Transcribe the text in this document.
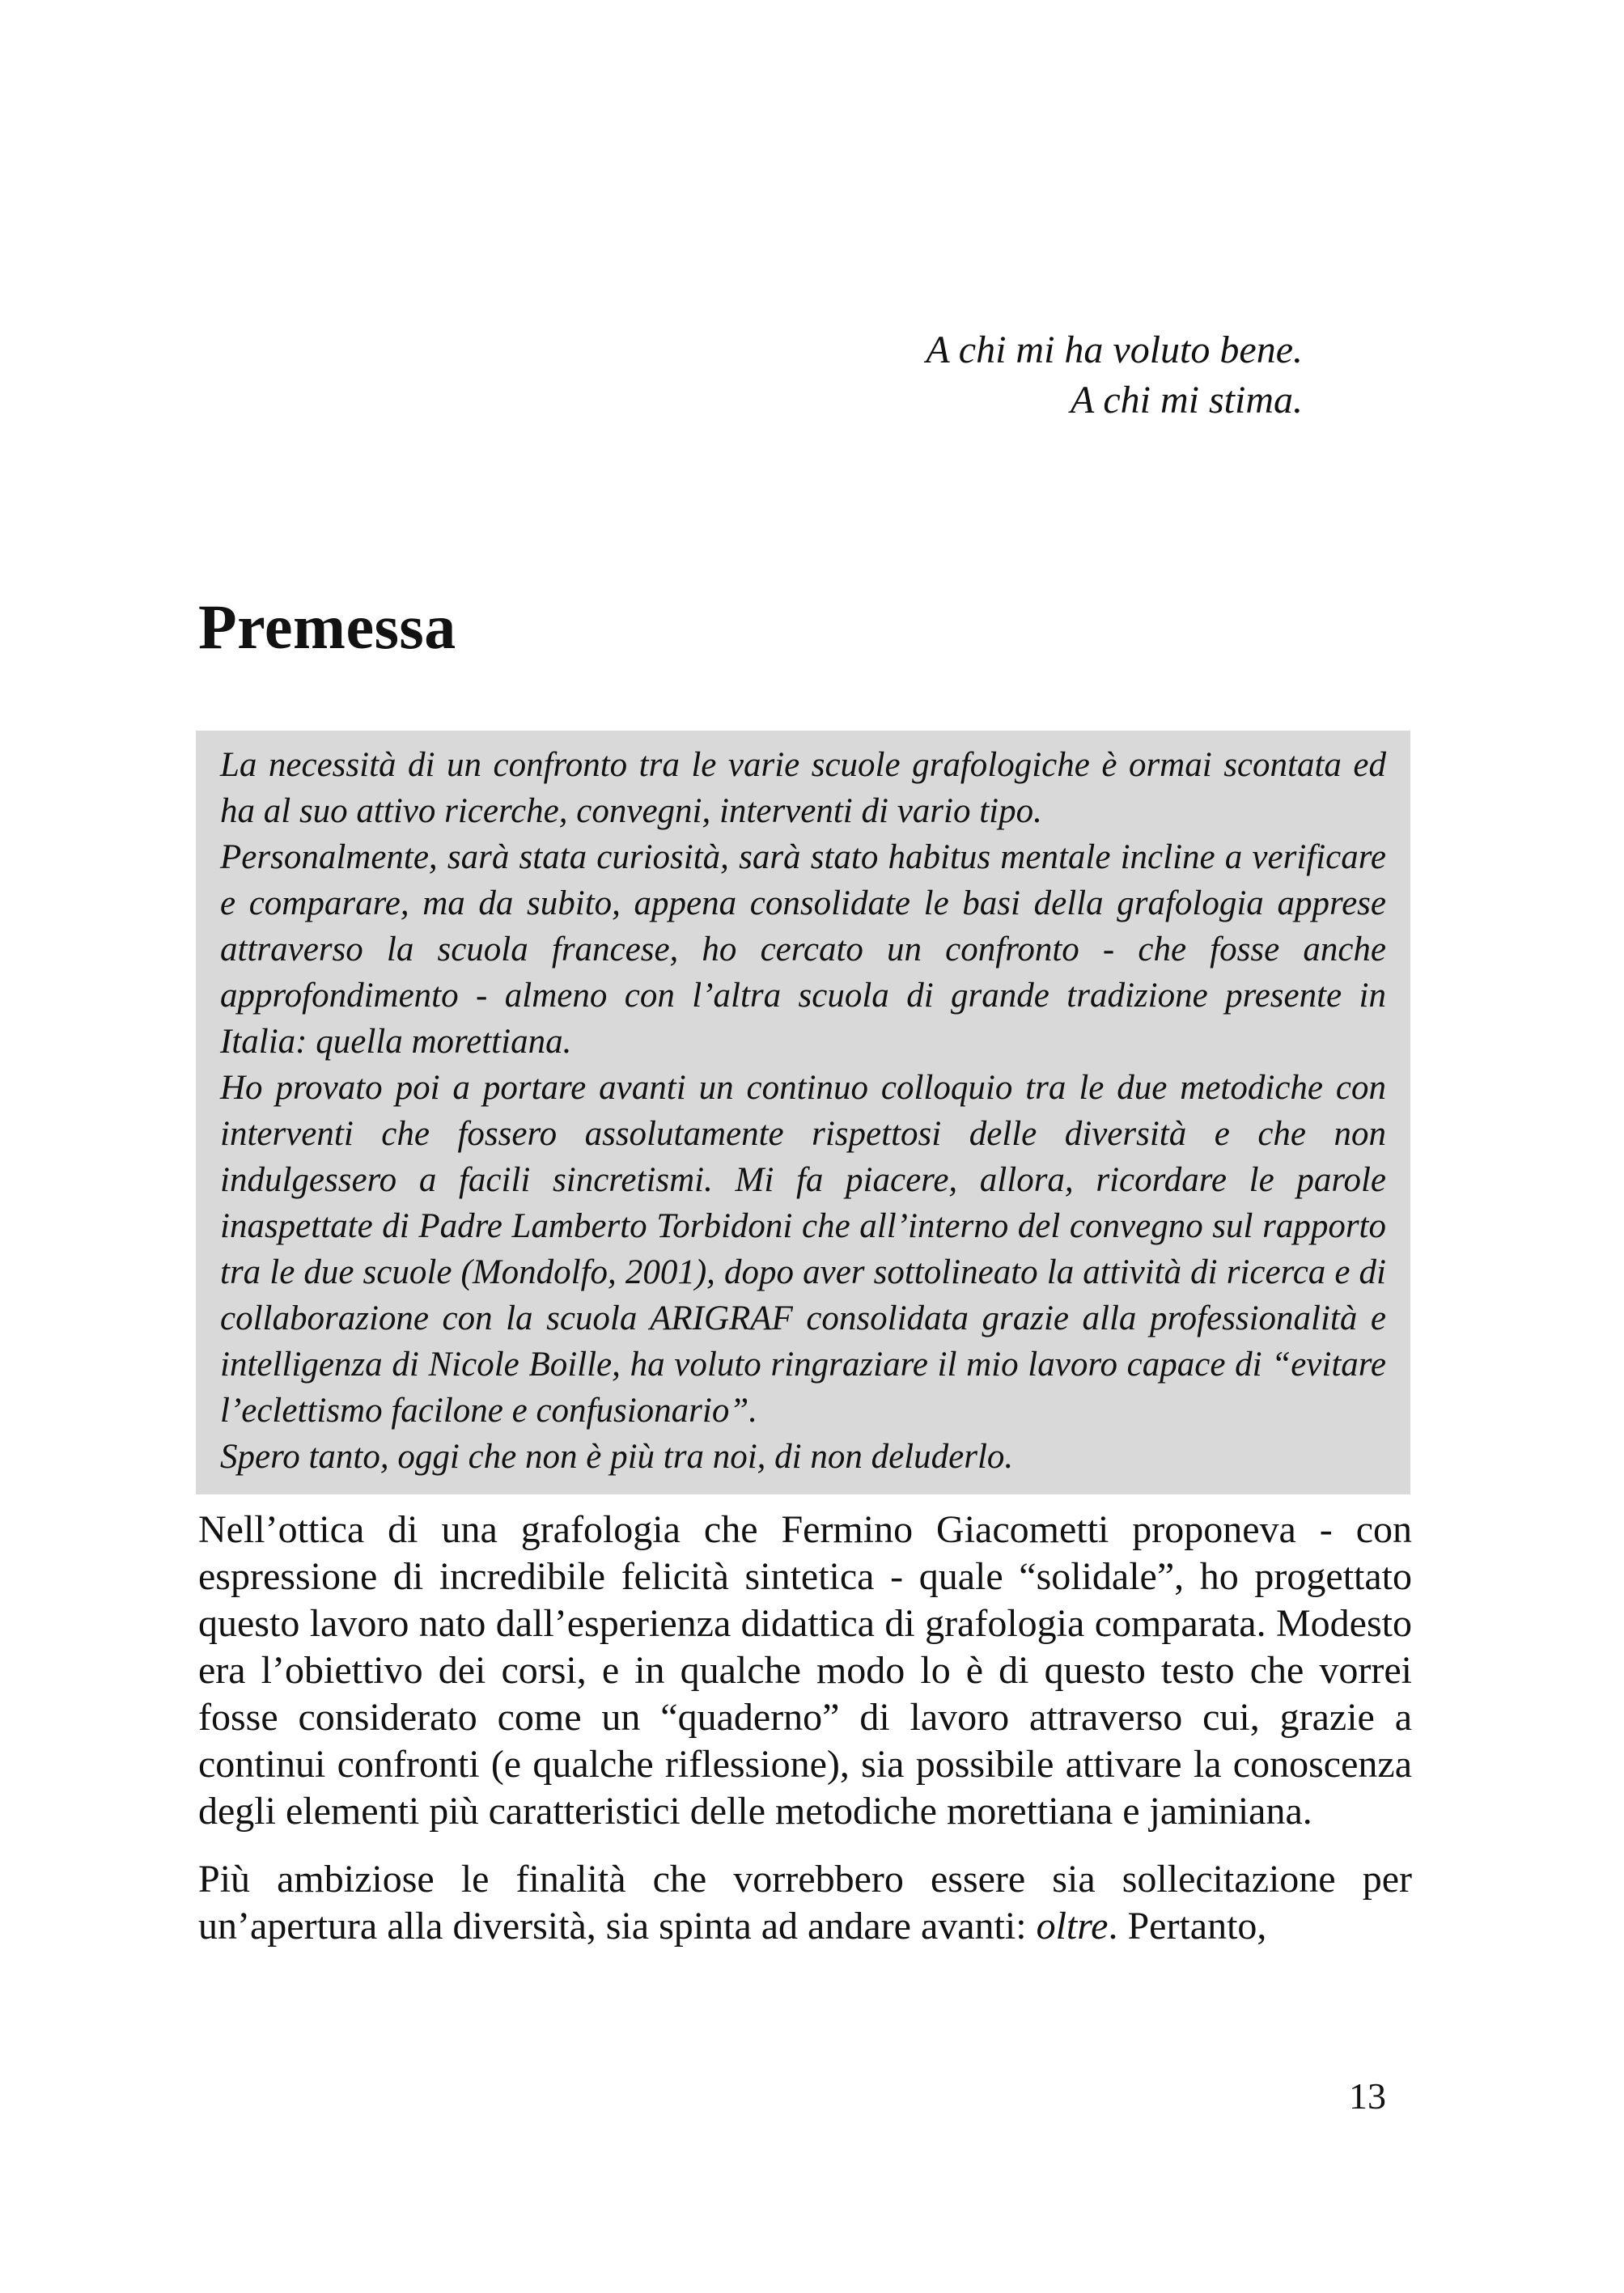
A chi mi ha voluto bene.
A chi mi stima.
Premessa

La necessità di un confronto tra le varie scuole grafologiche è ormai scontata ed ha al suo attivo ricerche, convegni, interventi di vario tipo.

Personalmente, sarà stata curiosità, sarà stato habitus mentale incline a verificare e comparare, ma da subito, appena consolidate le basi della grafologia apprese attraverso la scuola francese, ho cercato un confronto - che fosse anche approfondimento - almeno con l’altra scuola di grande tradizione presente in Italia: quella morettiana.

Ho provato poi a portare avanti un continuo colloquio tra le due metodiche con interventi che fossero assolutamente rispettosi delle diversità e che non indulgessero a facili sincretismi. Mi fa piacere, allora, ricordare le parole inaspettate di Padre Lamberto Torbidoni che all’interno del convegno sul rapporto tra le due scuole (Mondolfo, 2001), dopo aver sottolineato la attività di ricerca e di collaborazione con la scuola ARIGRAF consolidata grazie alla professionalità e intelligenza di Nicole Boille, ha voluto ringraziare il mio lavoro capace di “evitare l’eclettismo facilone e confusionario”.

Spero tanto, oggi che non è più tra noi, di non deluderlo.

Nell’ottica di una grafologia che Fermino Giacometti proponeva - con espressione di incredibile felicità sintetica - quale “solidale”, ho progettato questo lavoro nato dall’esperienza didattica di grafologia comparata. Modesto era l’obiettivo dei corsi, e in qualche modo lo è di questo testo che vorrei fosse considerato come un “quaderno” di lavoro attraverso cui, grazie a continui confronti (e qualche riflessione), sia possibile attivare la conoscenza degli elementi più caratteristici delle metodiche morettiana e jaminiana.

Più ambiziose le finalità che vorrebbero essere sia sollecitazione per un’apertura alla diversità, sia spinta ad andare avanti: oltre. Pertanto,

13
